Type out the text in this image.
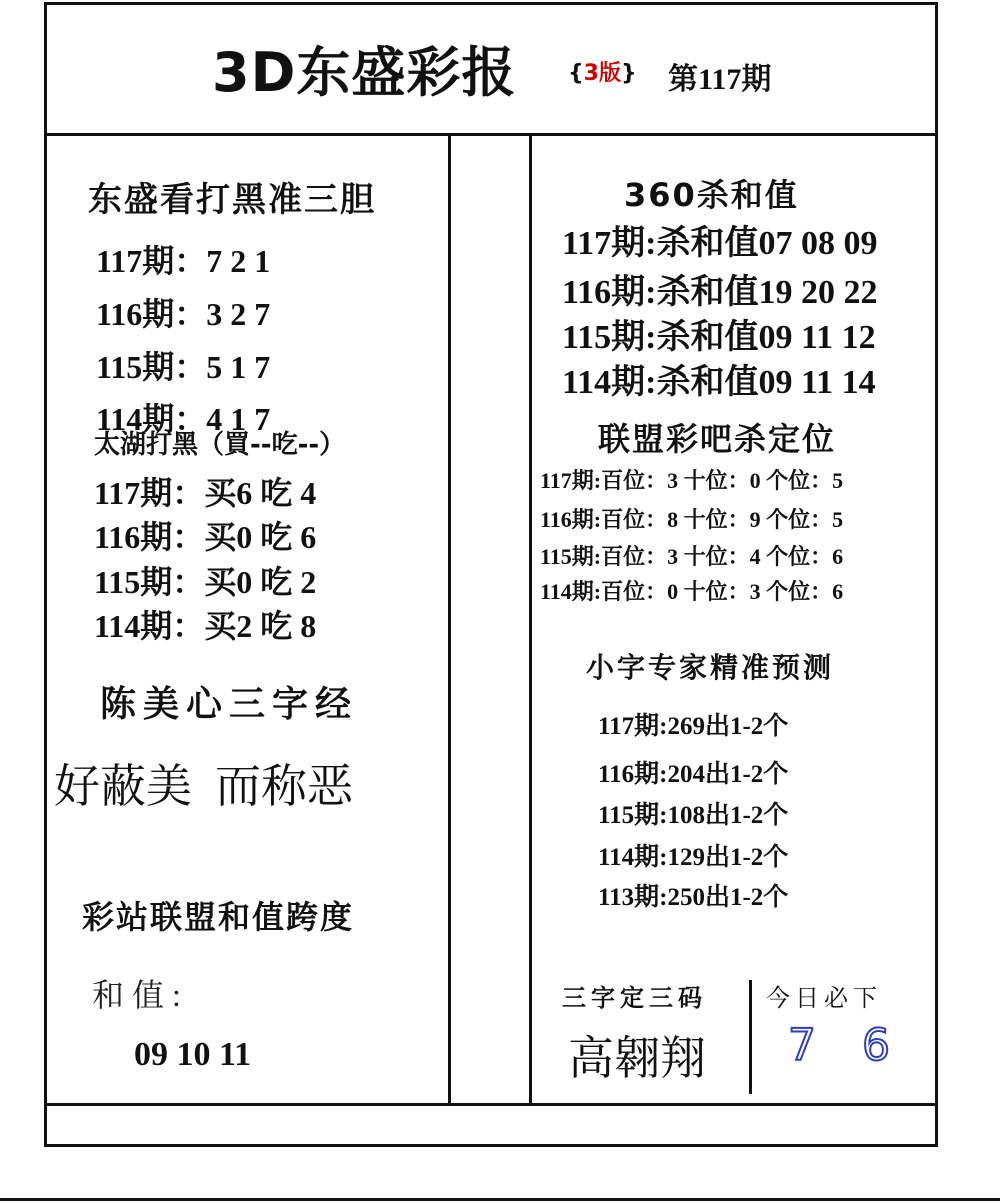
3D东盛彩报 {3版} 第117期
东盛看打黑准三胆
117期：7 2 1
116期：3 2 7
115期：5 1 7
114期：4 1 7
太湖打黑（買--吃--）
117期：买6 吃 4
116期：买0 吃 6
115期：买0 吃 2
114期：买2 吃 8
陈美心三字经
好蔽美  而称恶
彩站联盟和值跨度
和 值 :
09 10 11
360杀和值
117期:杀和值07 08 09
116期:杀和值19 20 22
115期:杀和值09 11 12
114期:杀和值09 11 14
联盟彩吧杀定位
117期:百位：3 十位：0 个位：5
116期:百位：8 十位：9 个位：5
115期:百位：3 十位：4 个位：6
114期:百位：0 十位：3 个位：6
小字专家精准预测
117期:269出1-2个
116期:204出1-2个
115期:108出1-2个
114期:129出1-2个
113期:250出1-2个
三字定三码 今日必下
高翱翔 7 6
